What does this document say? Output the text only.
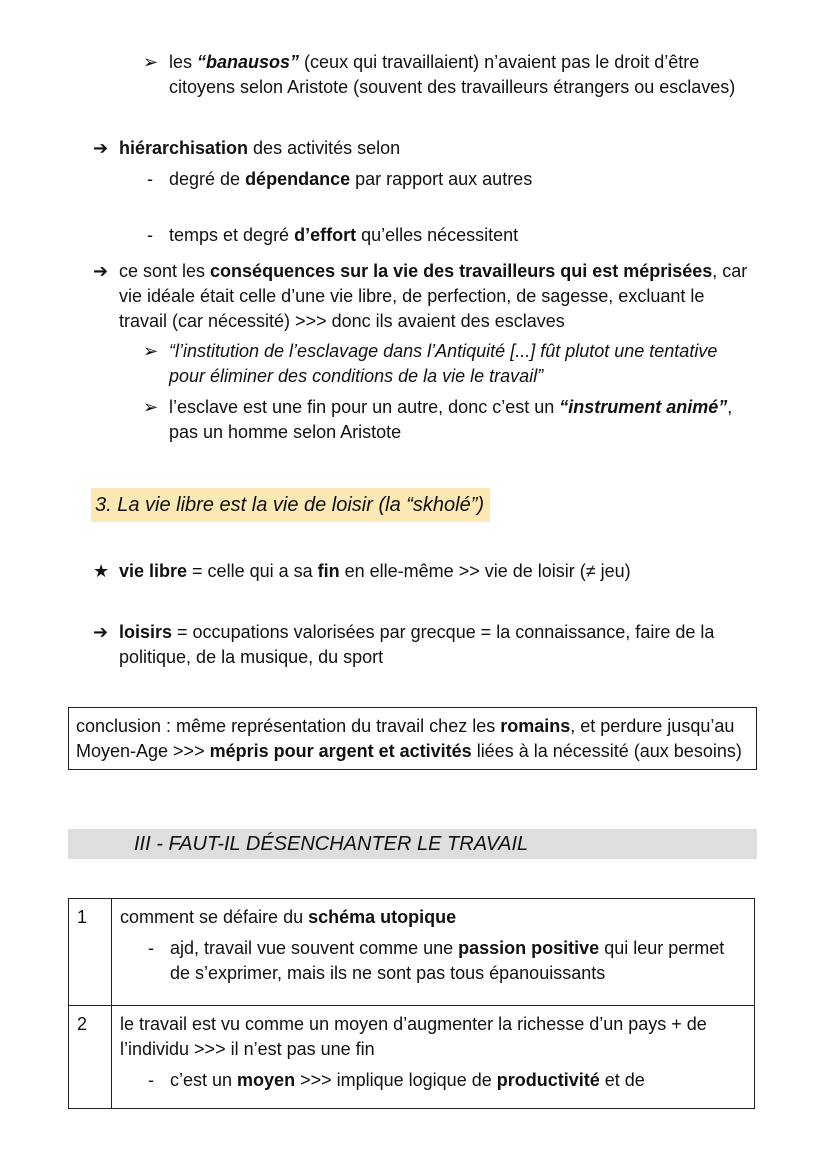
➢ les “banausos” (ceux qui travaillaient) n’avaient pas le droit d’être
citoyens selon Aristote (souvent des travailleurs étrangers ou esclaves)
➔ hiérarchisation des activités selon
- degré de dépendance par rapport aux autres
- temps et degré d’effort qu’elles nécessitent
➔ ce sont les conséquences sur la vie des travailleurs qui est méprisées, car
vie idéale était celle d’une vie libre, de perfection, de sagesse, excluant le
travail (car nécessité) >>> donc ils avaient des esclaves
➢ “l’institution de l’esclavage dans l’Antiquité [...] fût plutot une tentative
pour éliminer des conditions de la vie le travail”
➢ l’esclave est une fin pour un autre, donc c’est un “instrument animé”,
pas un homme selon Aristote
3. La vie libre est la vie de loisir (la “skholé”)
★ vie libre = celle qui a sa fin en elle-même >> vie de loisir (≠ jeu)
➔ loisirs = occupations valorisées par grecque = la connaissance, faire de la
politique, de la musique, du sport
conclusion : même représentation du travail chez les romains, et perdure jusqu’au
Moyen-Age >>> mépris pour argent et activités liées à la nécessité (aux besoins)
III - FAUT-IL DÉSENCHANTER LE TRAVAIL
1	comment se défaire du schéma utopique
- ajd, travail vue souvent comme une passion positive qui leur permet
de s’exprimer, mais ils ne sont pas tous épanouissants

2	le travail est vu comme un moyen d’augmenter la richesse d’un pays + de
l’individu >>> il n’est pas une fin
- c’est un moyen >>> implique logique de productivité et de
